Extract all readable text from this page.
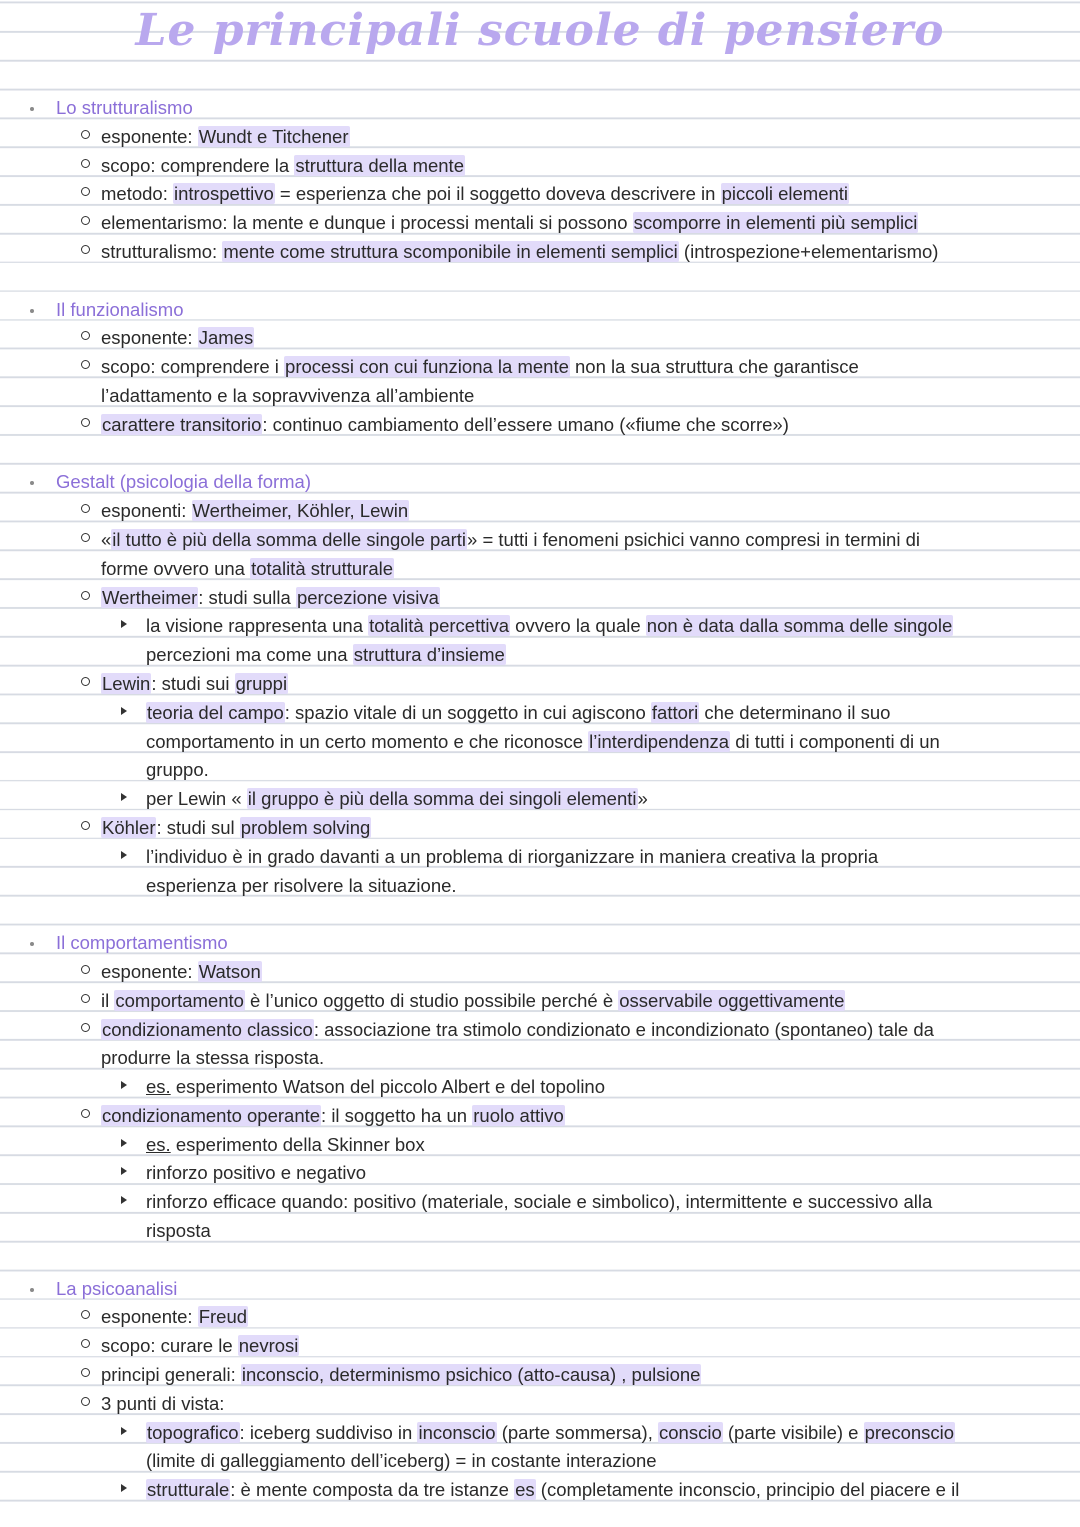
Le principali scuole di pensiero
Lo strutturalismo
esponente: Wundt e Titchener
scopo: comprendere la struttura della mente
metodo: introspettivo = esperienza che poi il soggetto doveva descrivere in piccoli elementi
elementarismo: la mente e dunque i processi mentali si possono scomporre in elementi più semplici
strutturalismo: mente come struttura scomponibile in elementi semplici (introspezione+elementarismo)
Il funzionalismo
esponente: James
scopo: comprendere i processi con cui funziona la mente non la sua struttura che garantisce
l’adattamento e la sopravvivenza all’ambiente
carattere transitorio: continuo cambiamento dell’essere umano («fiume che scorre»)
Gestalt (psicologia della forma)
esponenti: Wertheimer, Köhler, Lewin
«il tutto è più della somma delle singole parti» = tutti i fenomeni psichici vanno compresi in termini di
forme ovvero una totalità strutturale
Wertheimer: studi sulla percezione visiva
la visione rappresenta una totalità percettiva ovvero la quale non è data dalla somma delle singole
percezioni ma come una struttura d’insieme
Lewin: studi sui gruppi
teoria del campo: spazio vitale di un soggetto in cui agiscono fattori che determinano il suo
comportamento in un certo momento e che riconosce l’interdipendenza di tutti i componenti di un
gruppo.
per Lewin « il gruppo è più della somma dei singoli elementi»
Köhler: studi sul problem solving
l’individuo è in grado davanti a un problema di riorganizzare in maniera creativa la propria
esperienza per risolvere la situazione.
Il comportamentismo
esponente: Watson
il comportamento è l’unico oggetto di studio possibile perché è osservabile oggettivamente
condizionamento classico: associazione tra stimolo condizionato e incondizionato (spontaneo) tale da
produrre la stessa risposta.
es. esperimento Watson del piccolo Albert e del topolino
condizionamento operante: il soggetto ha un ruolo attivo
es. esperimento della Skinner box
rinforzo positivo e negativo
rinforzo efficace quando: positivo (materiale, sociale e simbolico), intermittente e successivo alla
risposta
La psicoanalisi
esponente: Freud
scopo: curare le nevrosi
principi generali: inconscio, determinismo psichico (atto-causa) , pulsione
3 punti di vista:
topografico: iceberg suddiviso in inconscio (parte sommersa), conscio (parte visibile) e preconscio
(limite di galleggiamento dell’iceberg) = in costante interazione
strutturale: è mente composta da tre istanze es (completamente inconscio, principio del piacere e il
